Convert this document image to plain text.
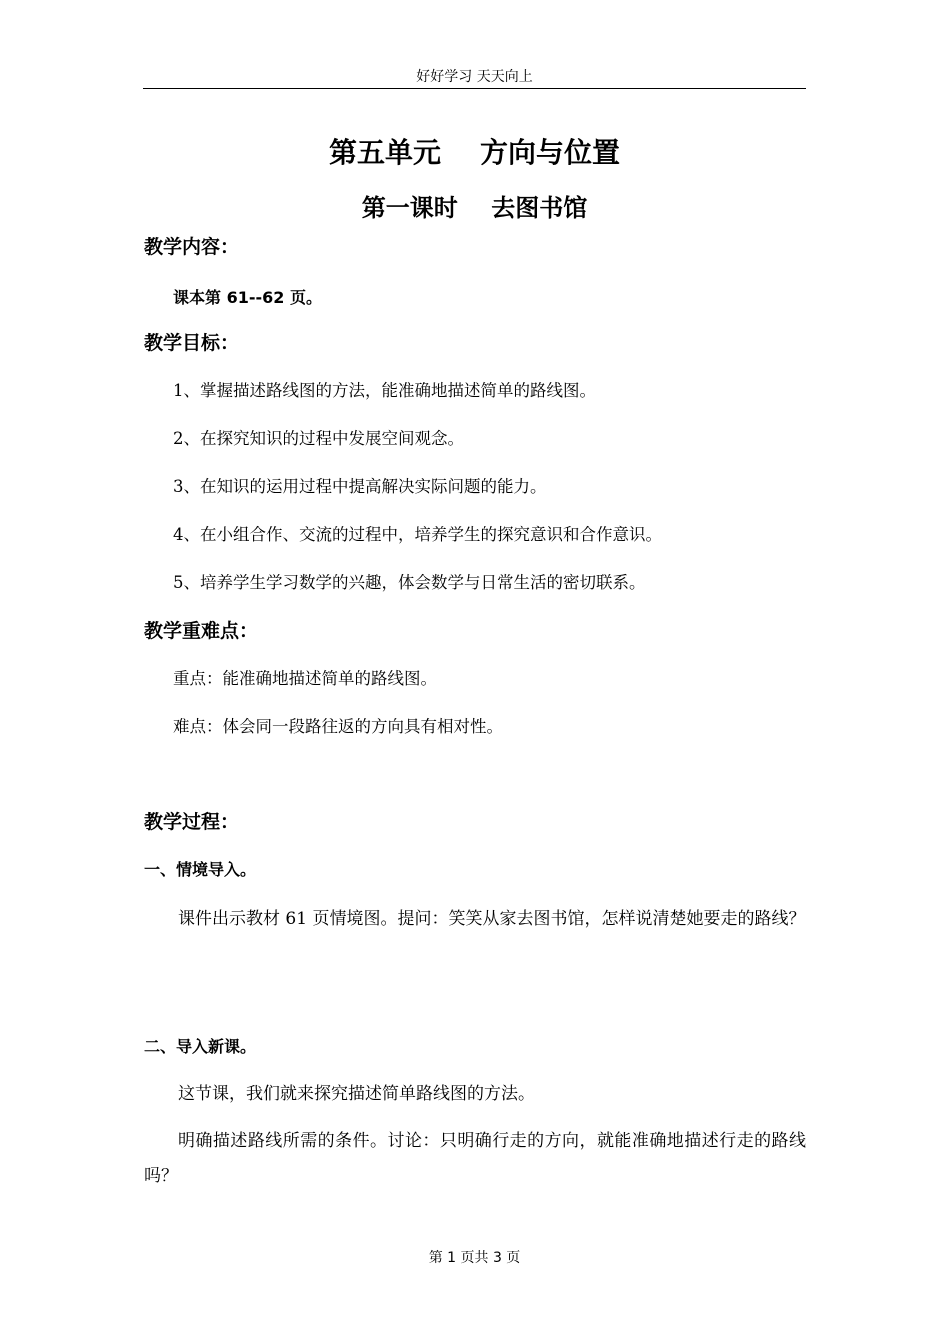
好好学习 天天向上
第五单元    方向与位置
第一课时    去图书馆
教学内容：
课本第 61--62 页。
教学目标：
1、掌握描述路线图的方法，能准确地描述简单的路线图。
2、在探究知识的过程中发展空间观念。
3、在知识的运用过程中提高解决实际问题的能力。
4、在小组合作、交流的过程中，培养学生的探究意识和合作意识。
5、培养学生学习数学的兴趣，体会数学与日常生活的密切联系。
教学重难点：
重点：能准确地描述简单的路线图。
难点：体会同一段路往返的方向具有相对性。
教学过程：
一、情境导入。
课件出示教材 61 页情境图。提问：笑笑从家去图书馆，怎样说清楚她要走的路线？
二、导入新课。
这节课，我们就来探究描述简单路线图的方法。
明确描述路线所需的条件。讨论：只明确行走的方向，就能准确地描述行走的路线吗？
第 1 页共 3 页
